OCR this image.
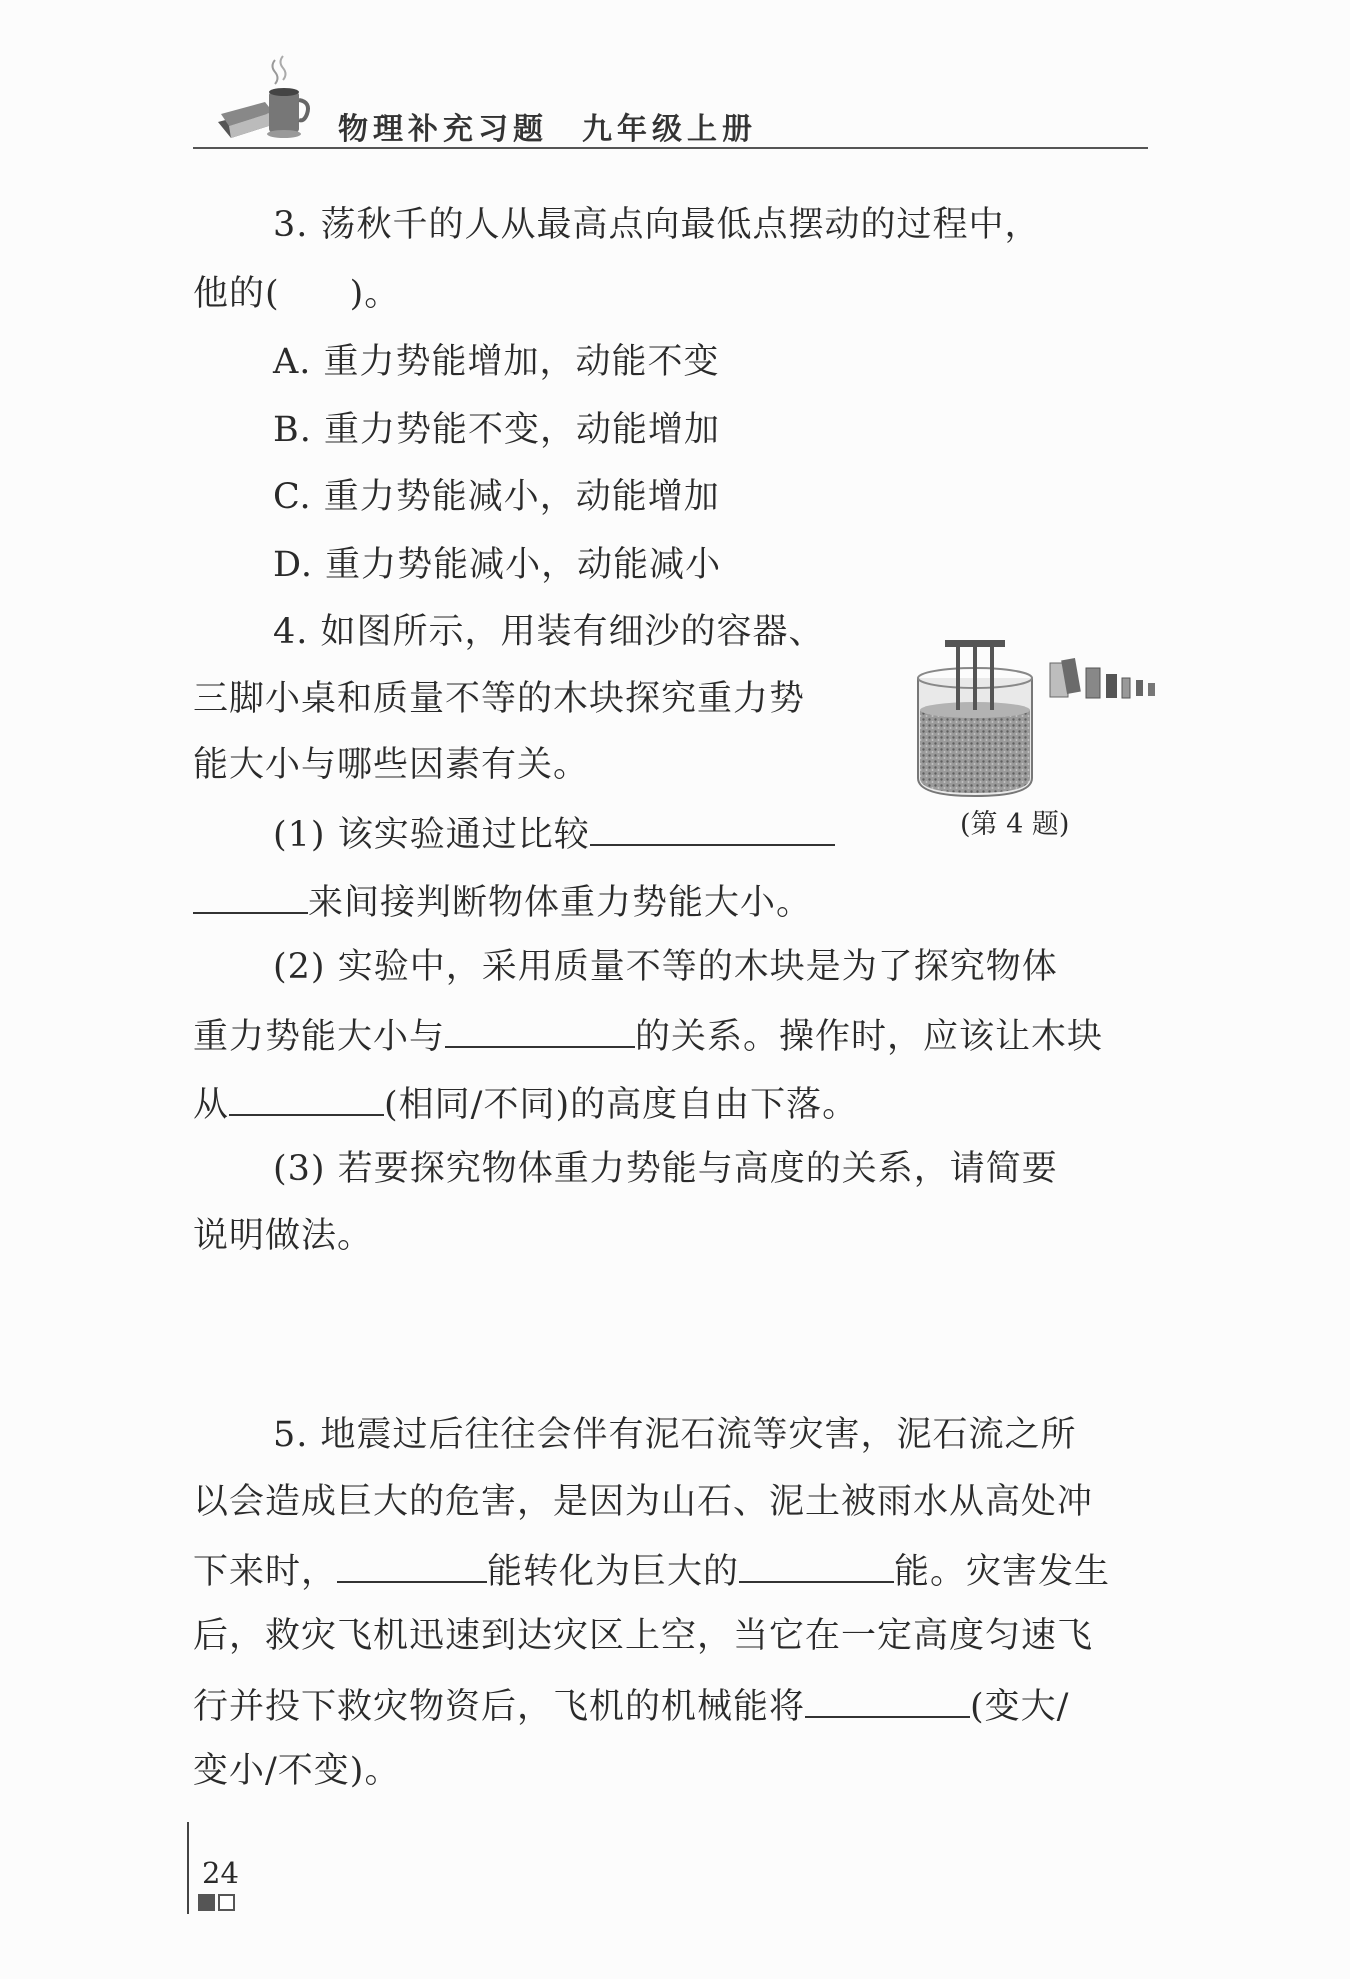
物理补充习题 九年级上册
3. 荡秋千的人从最高点向最低点摆动的过程中，
他的( )。
A. 重力势能增加，动能不变
B. 重力势能不变，动能增加
C. 重力势能减小，动能增加
D. 重力势能减小，动能减小
4. 如图所示，用装有细沙的容器、
三脚小桌和质量不等的木块探究重力势
能大小与哪些因素有关。
(第 4 题)
(1) 该实验通过比较
来间接判断物体重力势能大小。
(2) 实验中，采用质量不等的木块是为了探究物体
重力势能大小与	的关系。操作时，应该让木块
从	(相同/不同)的高度自由下落。
(3) 若要探究物体重力势能与高度的关系，请简要
说明做法。
5. 地震过后往往会伴有泥石流等灾害，泥石流之所
以会造成巨大的危害，是因为山石、泥土被雨水从高处冲
下来时，	能转化为巨大的	能。灾害发生
后，救灾飞机迅速到达灾区上空，当它在一定高度匀速飞
行并投下救灾物资后，飞机的机械能将	(变大/
变小/不变)。
24
